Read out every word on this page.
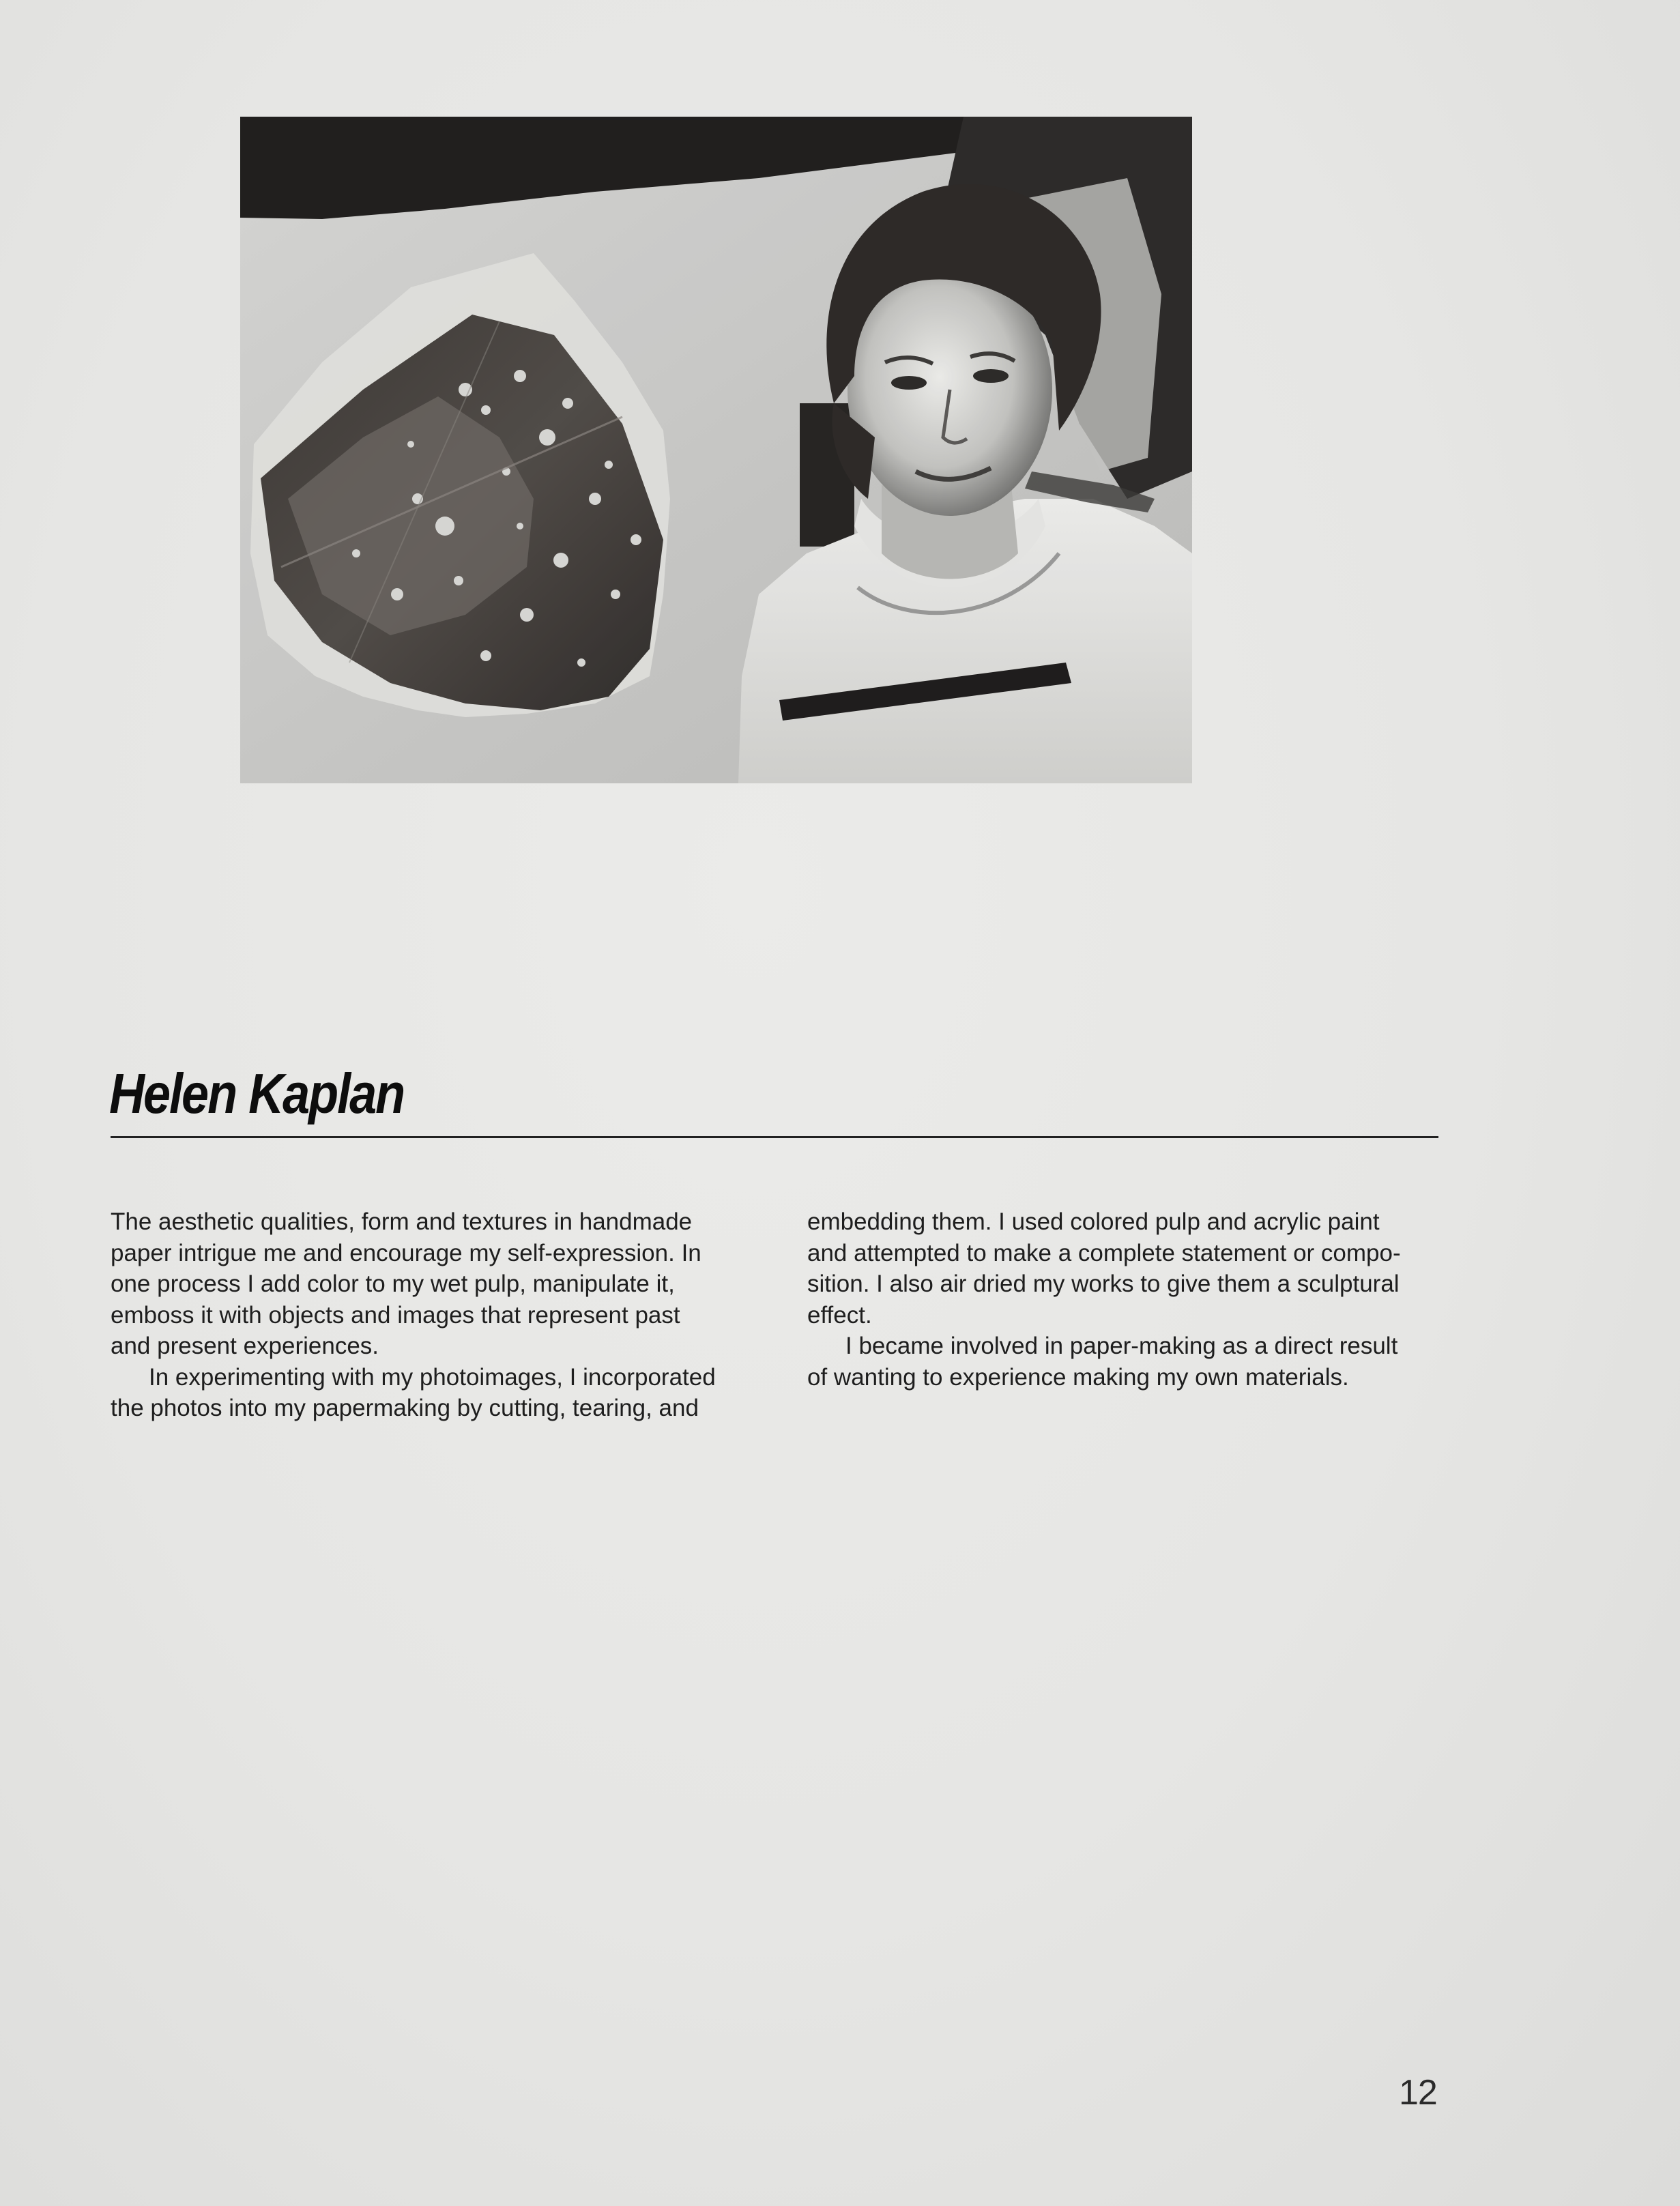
Helen Kaplan

The aesthetic qualities, form and textures in handmade
paper intrigue me and encourage my self-expression. In
one process I add color to my wet pulp, manipulate it,
emboss it with objects and images that represent past
and present experiences.

In experimenting with my photoimages, I incorporated
the photos into my papermaking by cutting, tearing, and

embedding them. I used colored pulp and acrylic paint
and attempted to make a complete statement or compo-
sition. I also air dried my works to give them a sculptural
effect.

I became involved in paper-making as a direct result
of wanting to experience making my own materials.

12
